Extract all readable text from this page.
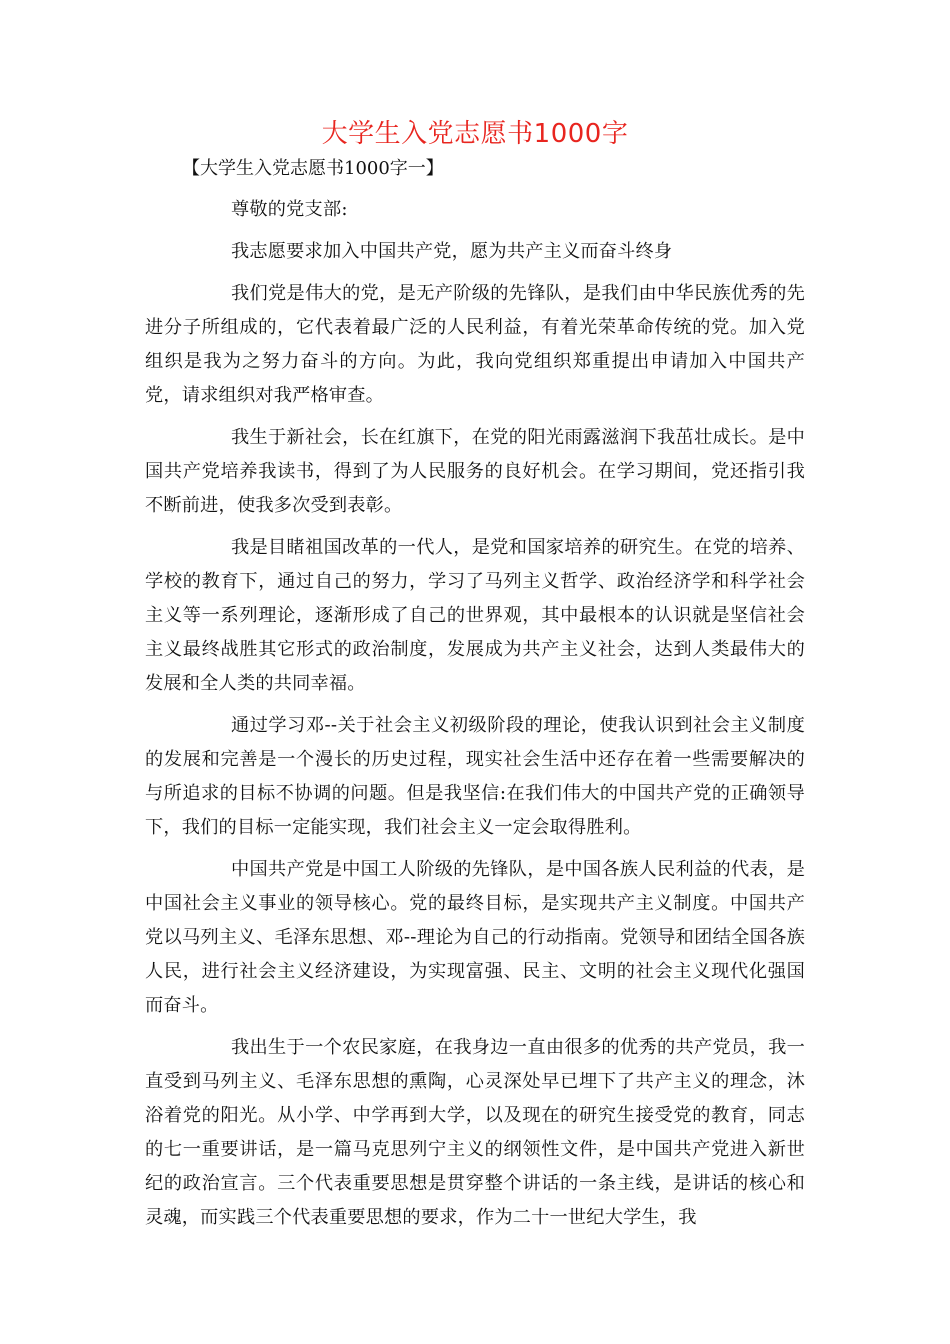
大学生入党志愿书1000字
【大学生入党志愿书1000字一】

尊敬的党支部:

我志愿要求加入中国共产党，愿为共产主义而奋斗终身

我们党是伟大的党，是无产阶级的先锋队，是我们由中华民族优秀的先进分子所组成的，它代表着最广泛的人民利益，有着光荣革命传统的党。加入党组织是我为之努力奋斗的方向。为此，我向党组织郑重提出申请加入中国共产党，请求组织对我严格审查。

我生于新社会，长在红旗下，在党的阳光雨露滋润下我茁壮成长。是中国共产党培养我读书，得到了为人民服务的良好机会。在学习期间，党还指引我不断前进，使我多次受到表彰。

我是目睹祖国改革的一代人，是党和国家培养的研究生。在党的培养、学校的教育下，通过自己的努力，学习了马列主义哲学、政治经济学和科学社会主义等一系列理论，逐渐形成了自己的世界观，其中最根本的认识就是坚信社会主义最终战胜其它形式的政治制度，发展成为共产主义社会，达到人类最伟大的发展和全人类的共同幸福。

通过学习邓--关于社会主义初级阶段的理论，使我认识到社会主义制度的发展和完善是一个漫长的历史过程，现实社会生活中还存在着一些需要解决的与所追求的目标不协调的问题。但是我坚信:在我们伟大的中国共产党的正确领导下，我们的目标一定能实现，我们社会主义一定会取得胜利。

中国共产党是中国工人阶级的先锋队，是中国各族人民利益的代表，是中国社会主义事业的领导核心。党的最终目标，是实现共产主义制度。中国共产党以马列主义、毛泽东思想、邓--理论为自己的行动指南。党领导和团结全国各族人民，进行社会主义经济建设，为实现富强、民主、文明的社会主义现代化强国而奋斗。

我出生于一个农民家庭，在我身边一直由很多的优秀的共产党员，我一直受到马列主义、毛泽东思想的熏陶，心灵深处早已埋下了共产主义的理念，沐浴着党的阳光。从小学、中学再到大学，以及现在的研究生接受党的教育，同志的七一重要讲话，是一篇马克思列宁主义的纲领性文件，是中国共产党进入新世纪的政治宣言。三个代表重要思想是贯穿整个讲话的一条主线，是讲话的核心和灵魂，而实践三个代表重要思想的要求，作为二十一世纪大学生，我
